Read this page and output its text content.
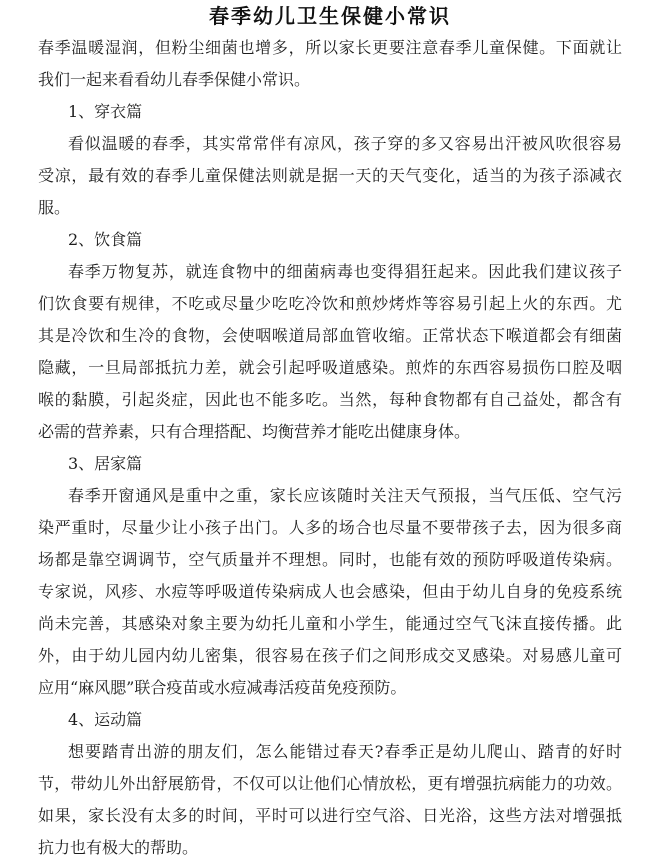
春季幼儿卫生保健小常识
春季温暖湿润，但粉尘细菌也增多，所以家长更要注意春季儿童保健。下面就让
我们一起来看看幼儿春季保健小常识。
1、穿衣篇
看似温暖的春季，其实常常伴有凉风，孩子穿的多又容易出汗被风吹很容易
受凉，最有效的春季儿童保健法则就是据一天的天气变化，适当的为孩子添减衣
服。
2、饮食篇
春季万物复苏，就连食物中的细菌病毒也变得猖狂起来。因此我们建议孩子
们饮食要有规律，不吃或尽量少吃吃冷饮和煎炒烤炸等容易引起上火的东西。尤
其是冷饮和生冷的食物，会使咽喉道局部血管收缩。正常状态下喉道都会有细菌
隐藏，一旦局部抵抗力差，就会引起呼吸道感染。煎炸的东西容易损伤口腔及咽
喉的黏膜，引起炎症，因此也不能多吃。当然，每种食物都有自己益处，都含有
必需的营养素，只有合理搭配、均衡营养才能吃出健康身体。
3、居家篇
春季开窗通风是重中之重，家长应该随时关注天气预报，当气压低、空气污
染严重时，尽量少让小孩子出门。人多的场合也尽量不要带孩子去，因为很多商
场都是靠空调调节，空气质量并不理想。同时，也能有效的预防呼吸道传染病。
专家说，风疹、水痘等呼吸道传染病成人也会感染，但由于幼儿自身的免疫系统
尚未完善，其感染对象主要为幼托儿童和小学生，能通过空气飞沫直接传播。此
外，由于幼儿园内幼儿密集，很容易在孩子们之间形成交叉感染。对易感儿童可
应用“麻风腮”联合疫苗或水痘减毒活疫苗免疫预防。
4、运动篇
想要踏青出游的朋友们，怎么能错过春天?春季正是幼儿爬山、踏青的好时
节，带幼儿外出舒展筋骨，不仅可以让他们心情放松，更有增强抗病能力的功效。
如果，家长没有太多的时间，平时可以进行空气浴、日光浴，这些方法对增强抵
抗力也有极大的帮助。
